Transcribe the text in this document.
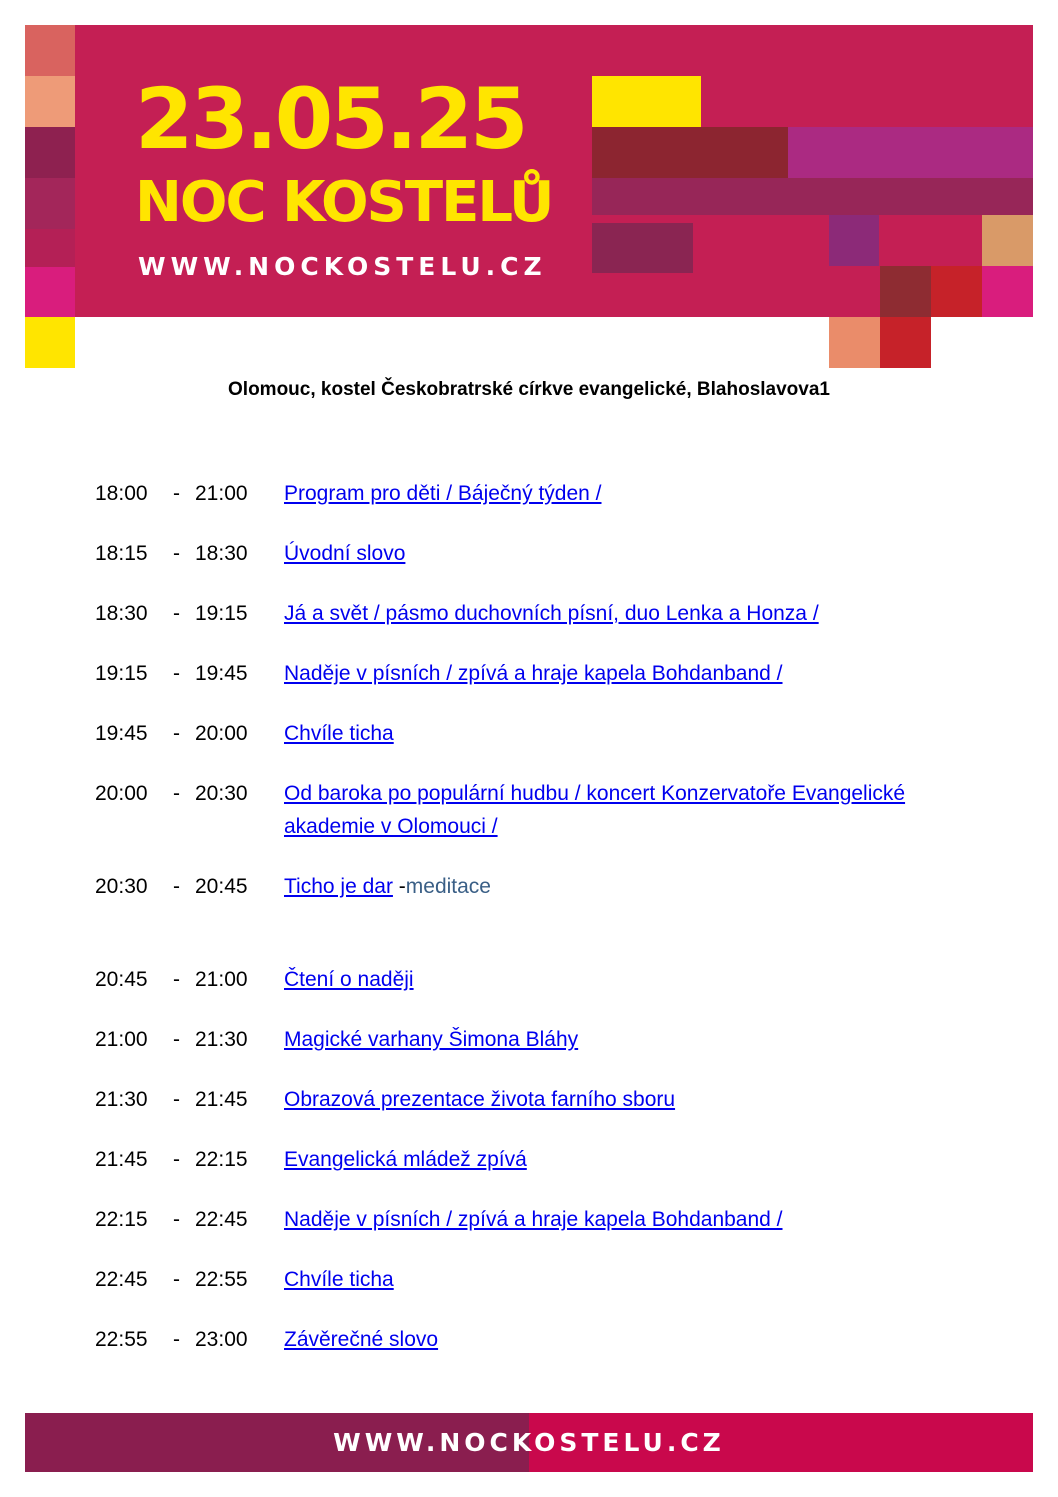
23.05.25
NOC KOSTELŮ
WWW.NOCKOSTELU.CZ
Olomouc, kostel Českobratrské církve evangelické, Blahoslavova1
18:00	- 21:00	Program pro děti / Báječný týden /
18:15	- 18:30	Úvodní slovo
18:30	- 19:15	Já a svět / pásmo duchovních písní, duo Lenka a Honza /
19:15	- 19:45	Naděje v písních / zpívá a hraje kapela Bohdanband /
19:45	- 20:00	Chvíle ticha
20:00	- 20:30	Od baroka po populární hudbu / koncert Konzervatoře Evangelické akademie v Olomouci /
20:30	- 20:45	Ticho je dar -meditace
20:45	- 21:00	Čtení o naději
21:00	- 21:30	Magické varhany Šimona Bláhy
21:30	- 21:45	Obrazová prezentace života farního sboru
21:45	- 22:15	Evangelická mládež zpívá
22:15	- 22:45	Naděje v písních / zpívá a hraje kapela Bohdanband /
22:45	- 22:55	Chvíle ticha
22:55	- 23:00	Závěrečné slovo
WWW.NOCKOSTELU.CZ
